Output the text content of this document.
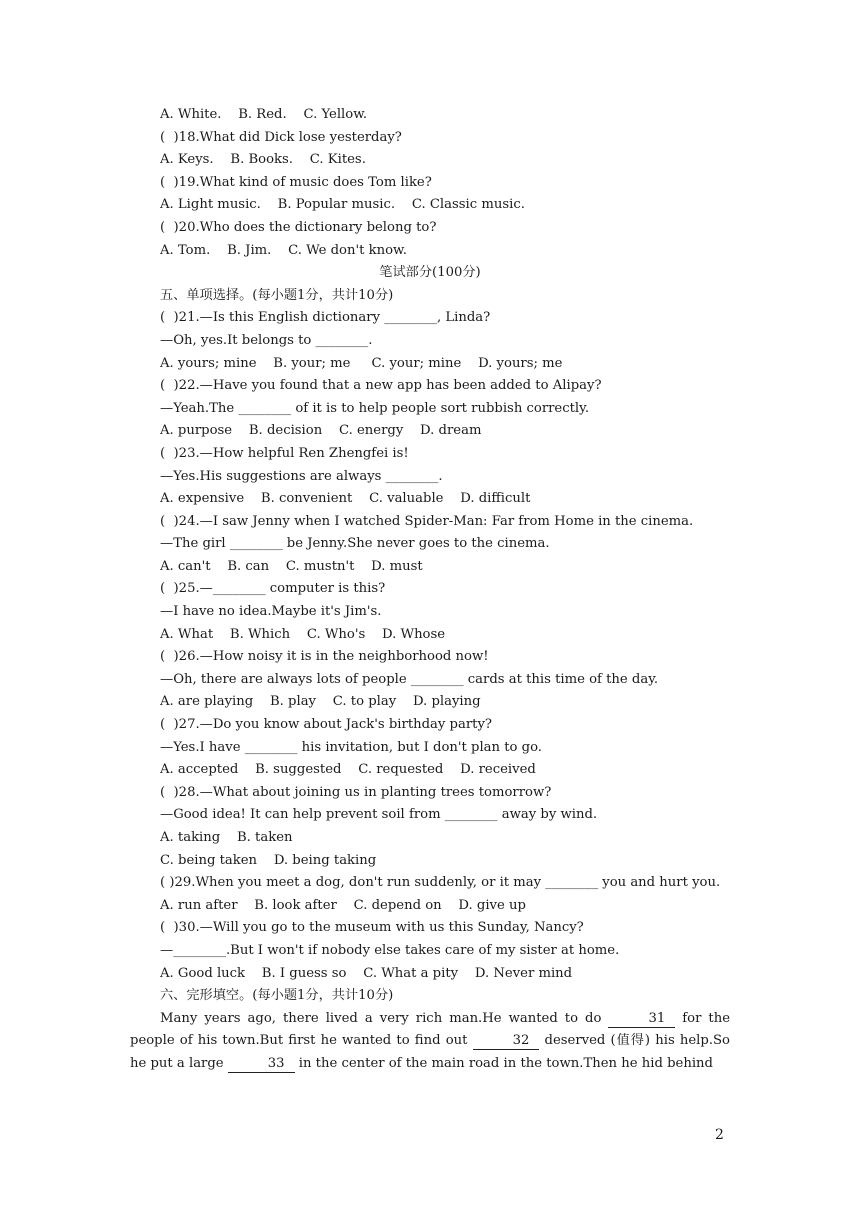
A. White.    B. Red.    C. Yellow.
(  )18.What did Dick lose yesterday?
A. Keys.    B. Books.    C. Kites.
(  )19.What kind of music does Tom like?
A. Light music.    B. Popular music.    C. Classic music.
(  )20.Who does the dictionary belong to?
A. Tom.    B. Jim.    C. We don't know.
笔试部分(100分)
五、单项选择。(每小题1分，共计10分)
(  )21.—Is this English dictionary ________, Linda?
—Oh, yes.It belongs to ________.
A. yours; mine    B. your; me     C. your; mine    D. yours; me
(  )22.—Have you found that a new app has been added to Alipay?
—Yeah.The ________ of it is to help people sort rubbish correctly.
A. purpose    B. decision    C. energy    D. dream
(  )23.—How helpful Ren Zhengfei is!
—Yes.His suggestions are always ________.
A. expensive    B. convenient    C. valuable    D. difficult
(  )24.—I saw Jenny when I watched Spider-Man: Far from Home in the cinema.
—The girl ________ be Jenny.She never goes to the cinema.
A. can't    B. can    C. mustn't    D. must
(  )25.—________ computer is this?
—I have no idea.Maybe it's Jim's.
A. What    B. Which    C. Who's    D. Whose
(  )26.—How noisy it is in the neighborhood now!
—Oh, there are always lots of people ________ cards at this time of the day.
A. are playing    B. play    C. to play    D. playing
(  )27.—Do you know about Jack's birthday party?
—Yes.I have ________ his invitation, but I don't plan to go.
A. accepted    B. suggested    C. requested    D. received
(  )28.—What about joining us in planting trees tomorrow?
—Good idea! It can help prevent soil from ________ away by wind.
A. taking    B. taken
C. being taken    D. being taking
( )29.When you meet a dog, don't run suddenly, or it may ________ you and hurt you.
A. run after    B. look after    C. depend on    D. give up
(  )30.—Will you go to the museum with us this Sunday, Nancy?
—________.But I won't if nobody else takes care of my sister at home.
A. Good luck    B. I guess so    C. What a pity    D. Never mind
六、完形填空。(每小题1分，共计10分)
Many years ago, there lived a very rich man.He wanted to do	31 for the people of his town.But first he wanted to find out	32 deserved (值得) his help.So he put a large	33 in the center of the main road in the town.Then he hid behind
2
